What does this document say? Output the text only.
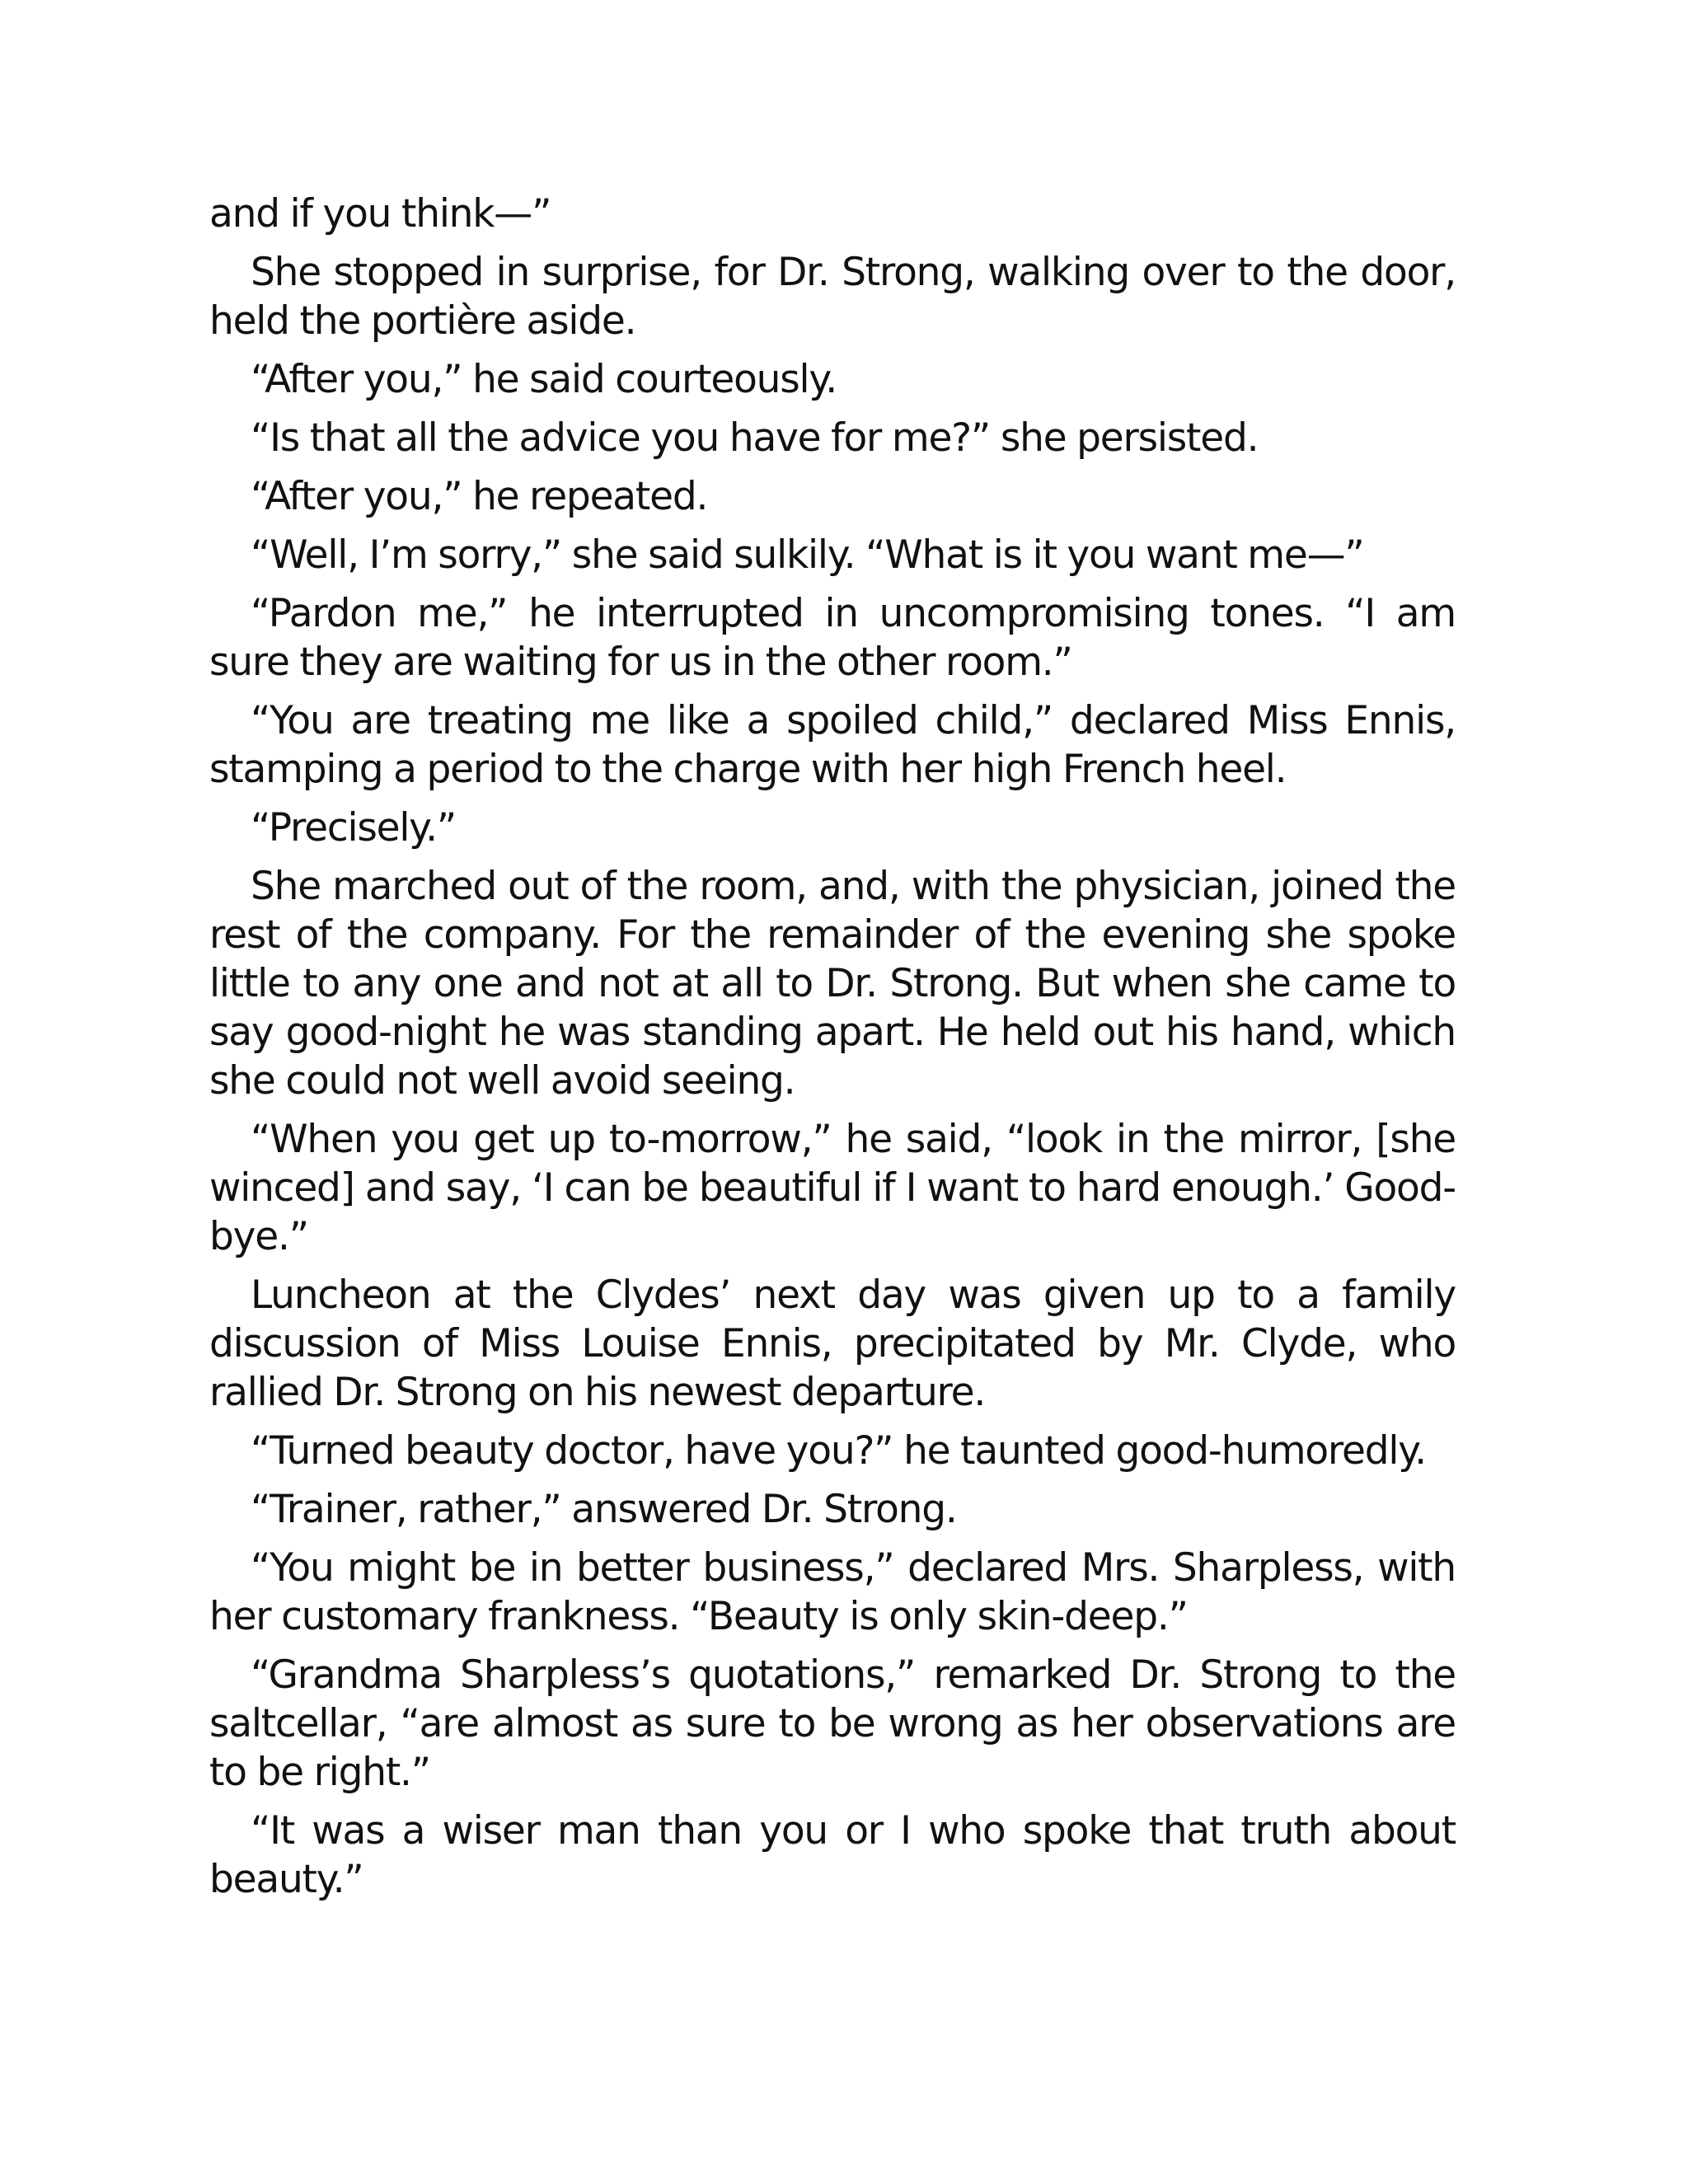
and if you think—”

She stopped in surprise, for Dr. Strong, walking over to the door, held the portière aside.

“After you,” he said courteously.

“Is that all the advice you have for me?” she persisted.

“After you,” he repeated.

“Well, I’m sorry,” she said sulkily. “What is it you want me—”

“Pardon me,” he interrupted in uncompromising tones. “I am sure they are waiting for us in the other room.”

“You are treating me like a spoiled child,” declared Miss Ennis, stamping a period to the charge with her high French heel.

“Precisely.”

She marched out of the room, and, with the physician, joined the rest of the company. For the remainder of the evening she spoke little to any one and not at all to Dr. Strong. But when she came to say good-night he was standing apart. He held out his hand, which she could not well avoid seeing.

“When you get up to-morrow,” he said, “look in the mirror, [she winced] and say, ‘I can be beautiful if I want to hard enough.’ Good-bye.”

Luncheon at the Clydes’ next day was given up to a family discussion of Miss Louise Ennis, precipitated by Mr. Clyde, who rallied Dr. Strong on his newest departure.

“Turned beauty doctor, have you?” he taunted good-humoredly.

“Trainer, rather,” answered Dr. Strong.

“You might be in better business,” declared Mrs. Sharpless, with her customary frankness. “Beauty is only skin-deep.”

“Grandma Sharpless’s quotations,” remarked Dr. Strong to the saltcellar, “are almost as sure to be wrong as her observations are to be right.”

“It was a wiser man than you or I who spoke that truth about beauty.”
